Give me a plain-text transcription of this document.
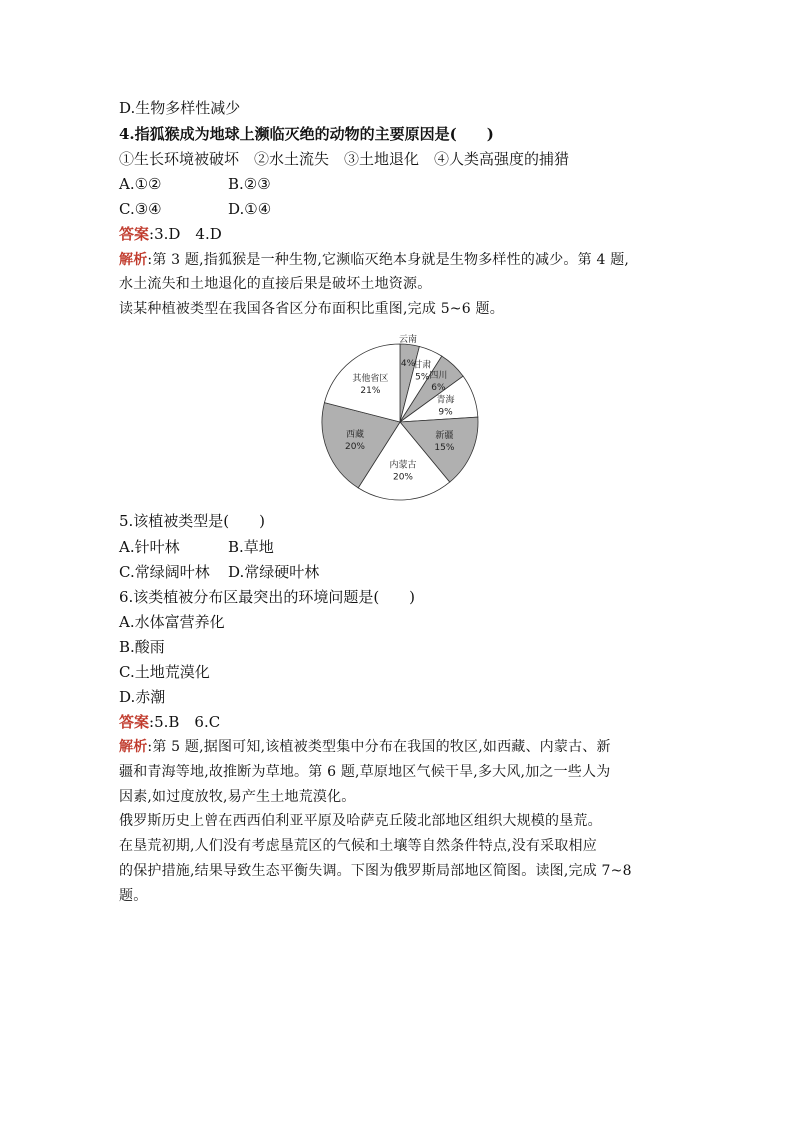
D.生物多样性减少
4.指狐猴成为地球上濒临灭绝的动物的主要原因是(　　)
①生长环境被破坏　②水土流失　③土地退化　④人类高强度的捕猎
A.①②	B.②③
C.③④	D.①④
答案:3.D　4.D
解析:第 3 题,指狐猴是一种生物,它濒临灭绝本身就是生物多样性的减少。第 4 题,
水土流失和土地退化的直接后果是破坏土地资源。
读某种植被类型在我国各省区分布面积比重图,完成 5~6 题。
云南
4%
甘肃
5% 四川
6%
青海
9%
新疆
15%
内蒙古
20%
西藏
20%
其他省区
21%
5.该植被类型是(　　)
A.针叶林	B.草地
C.常绿阔叶林 D.常绿硬叶林
6.该类植被分布区最突出的环境问题是(　　)
A.水体富营养化
B.酸雨
C.土地荒漠化
D.赤潮
答案:5.B　6.C
解析:第 5 题,据图可知,该植被类型集中分布在我国的牧区,如西藏、内蒙古、新
疆和青海等地,故推断为草地。第 6 题,草原地区气候干旱,多大风,加之一些人为
因素,如过度放牧,易产生土地荒漠化。
俄罗斯历史上曾在西西伯利亚平原及哈萨克丘陵北部地区组织大规模的垦荒。
在垦荒初期,人们没有考虑垦荒区的气候和土壤等自然条件特点,没有采取相应
的保护措施,结果导致生态平衡失调。下图为俄罗斯局部地区简图。读图,完成 7~8
题。
